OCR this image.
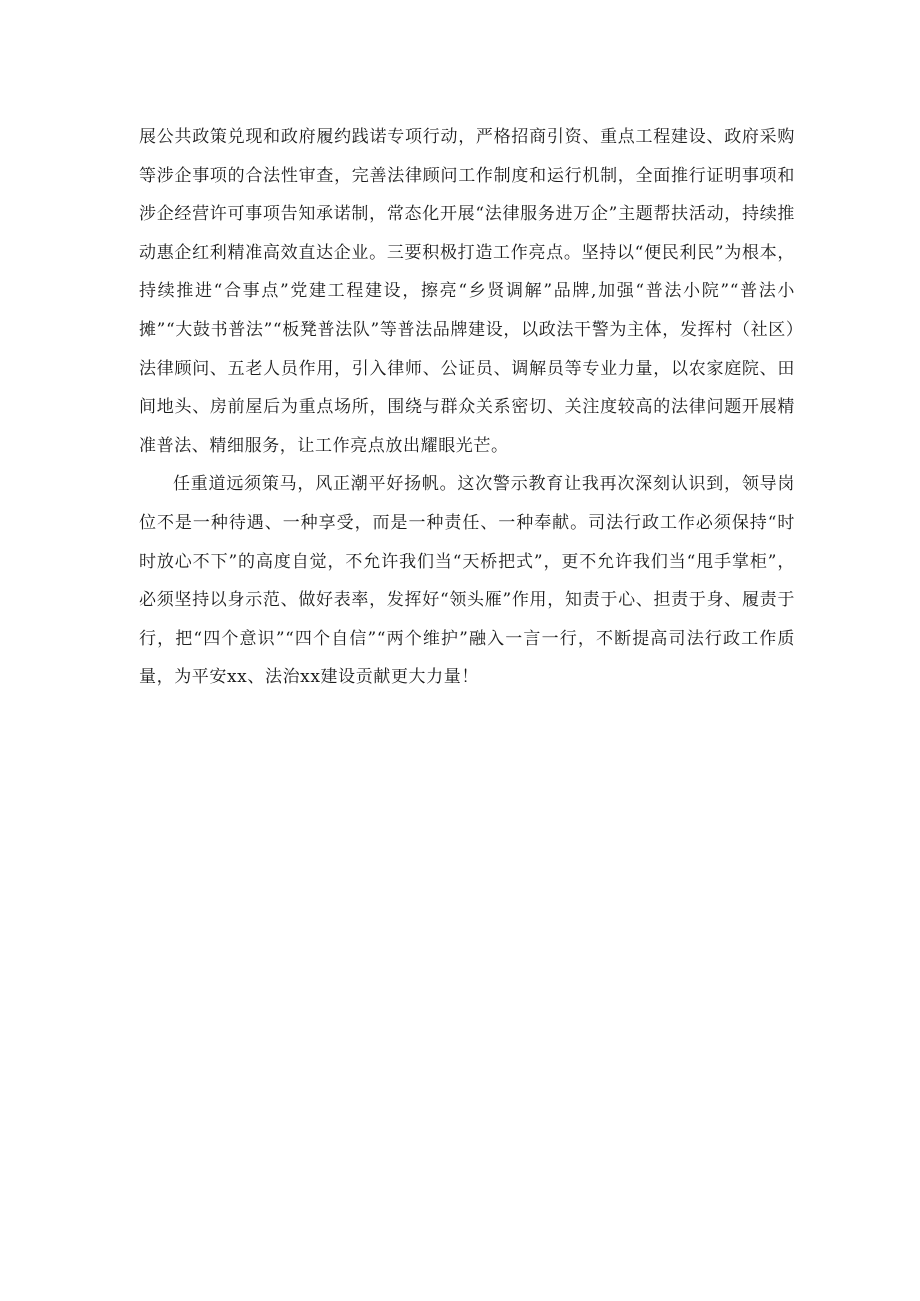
展公共政策兑现和政府履约践诺专项行动，严格招商引资、重点工程建设、政府采购等涉企事项的合法性审查，完善法律顾问工作制度和运行机制，全面推行证明事项和涉企经营许可事项告知承诺制，常态化开展“法律服务进万企”主题帮扶活动，持续推动惠企红利精准高效直达企业。三要积极打造工作亮点。坚持以“便民利民”为根本，持续推进“合事点”党建工程建设，擦亮“乡贤调解”品牌,加强“普法小院”“普法小摊”“大鼓书普法”“板凳普法队”等普法品牌建设，以政法干警为主体，发挥村（社区）法律顾问、五老人员作用，引入律师、公证员、调解员等专业力量，以农家庭院、田间地头、房前屋后为重点场所，围绕与群众关系密切、关注度较高的法律问题开展精准普法、精细服务，让工作亮点放出耀眼光芒。

任重道远须策马，风正潮平好扬帆。这次警示教育让我再次深刻认识到，领导岗位不是一种待遇、一种享受，而是一种责任、一种奉献。司法行政工作必须保持“时时放心不下”的高度自觉，不允许我们当“天桥把式”，更不允许我们当“甩手掌柜”，必须坚持以身示范、做好表率，发挥好“领头雁”作用，知责于心、担责于身、履责于行，把“四个意识”“四个自信”“两个维护”融入一言一行，不断提高司法行政工作质量，为平安xx、法治xx建设贡献更大力量！
